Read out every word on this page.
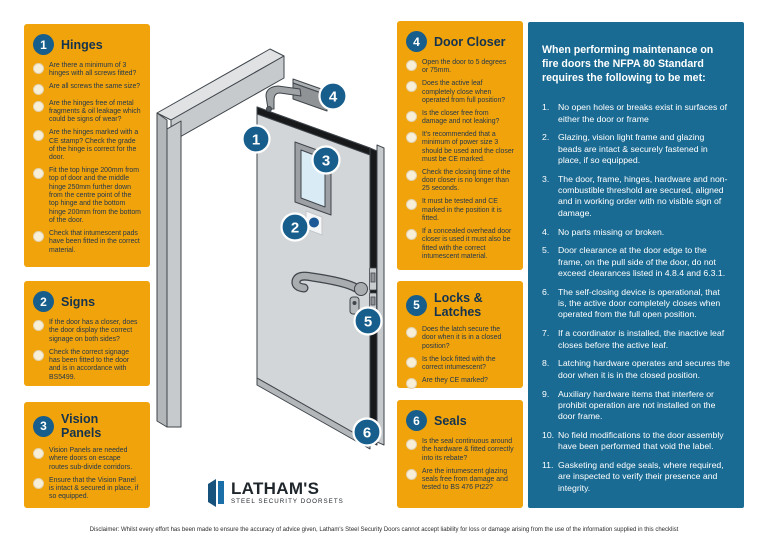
1
2
3
4
5
6
1 Hinges
Are there a minimum of 3 hinges with all screws fitted?
Are all screws the same size?
Are the hinges free of metal fragments & oil leakage which could be signs of wear?
Are the hinges marked with a CE stamp? Check the grade of the hinge is correct for the door.
Fit the top hinge 200mm from top of door and the middle hinge 250mm further down from the centre point of the top hinge and the bottom hinge 200mm from the bottom of the door.
Check that intumescent pads have been fitted in the correct material.
2 Signs
If the door has a closer, does the door display the correct signage on both sides?
Check the correct signage has been fitted to the door and is in accordance with BS5499.
3 Vision Panels
Vision Panels are needed where doors on escape routes sub-divide corridors.
Ensure that the Vision Panel is intact & secured in place, if so equipped.
4 Door Closer
Open the door to 5 degrees or 75mm.
Does the active leaf completely close when operated from full position?
Is the closer free from damage and not leaking?
It's recommended that a minimum of power size 3 should be used and the closer must be CE marked.
Check the closing time of the door closer is no longer than 25 seconds.
It must be tested and CE marked in the position it is fitted.
If a concealed overhead door closer is used it must also be fitted with the correct intumescent material.
5 Locks & Latches
Does the latch secure the door when it is in a closed position?
Is the lock fitted with the correct intumescent?
Are they CE marked?
6 Seals
Is the seal continuous around the hardware & fitted correctly into its rebate?
Are the intumescent glazing seals free from damage and tested to BS 476 Pt22?
When performing maintenance on fire doors the NFPA 80 Standard requires the following to be met:
1.	No open holes or breaks exist in surfaces of either the door or frame
2.	Glazing, vision light frame and glazing beads are intact & securely fastened in place, if so equipped.
3.	The door, frame, hinges, hardware and non-combustible threshold are secured, aligned and in working order with no visible sign of damage.
4.	No parts missing or broken.
5.	Door clearance at the door edge to the frame, on the pull side of the door, do not exceed clearances listed in 4.8.4 and 6.3.1.
6.	The self-closing device is operational, that is, the active door completely closes when operated from the full open position.
7.	If a coordinator is installed, the inactive leaf closes before the active leaf.
8.	Latching hardware operates and secures the door when it is in the closed position.
9.	Auxiliary hardware items that interfere or prohibit operation are not installed on the door frame.
10. No field modifications to the door assembly have been performed that void the label.
11. Gasketing and edge seals, where required, are inspected to verify their presence and integrity.
LATHAM'S
STEEL SECURITY DOORSETS
Disclaimer: Whilst every effort has been made to ensure the accuracy of advice given, Latham's Steel Security Doors cannot accept liability for loss or damage arising from the use of the information supplied in this checklist
